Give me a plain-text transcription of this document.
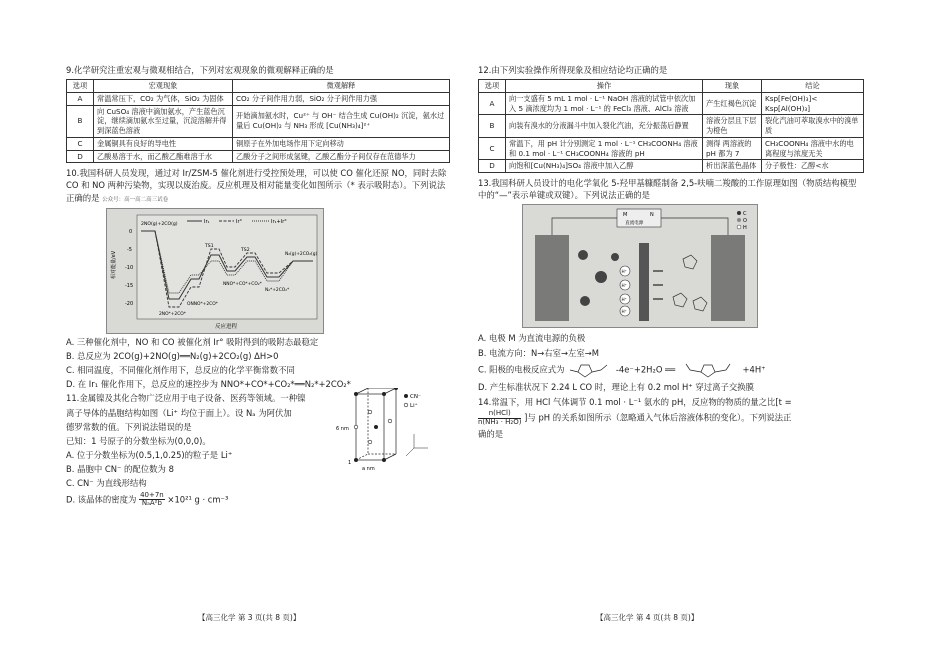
9.化学研究注重宏观与微观相结合，下列对宏观现象的微观解释正确的是

选项	宏观现象	微观解释
A	常温常压下，CO₂ 为气体，SiO₂ 为固体	CO₂ 分子间作用力弱，SiO₂ 分子间作用力强
B	向 CuSO₄ 溶液中滴加氨水，产生蓝色沉淀，继续滴加氨水至过量，沉淀溶解并得到深蓝色溶液	开始滴加氨水时，Cu²⁺ 与 OH⁻ 结合生成 Cu(OH)₂ 沉淀，氨水过量后 Cu(OH)₂ 与 NH₃ 形成 [Cu(NH₃)₄]²⁺
C	金属铜具有良好的导电性	铜原子在外加电场作用下定向移动
D	乙酸易溶于水，而乙酸乙酯难溶于水	乙酸分子之间形成氢键，乙酸乙酯分子间仅存在范德华力

10.我国科研人员发现，通过对 Ir/ZSM-5 催化剂进行受控预处理，可以使 CO 催化还原 NO，同时去除 CO 和 NO 两种污染物，实现以废治废。反应机理及相对能量变化如图所示（* 表示吸附态）。下列说法正确的是 公众号：高一高二高三试卷

Ir₁	Ir°	Ir₁+Ir°
相对能量/eV
0
-5
-10
-15
-20
反应进程
2NO(g)+2CO(g)
TS1
TS2
ONNO*+2CO*
2NO*+2CO*
NNO*+CO*+CO₂*
N₂*+2CO₂*
N₂(g)+2CO₂(g)

A. 三种催化剂中，NO 和 CO 被催化剂 Ir° 吸附得到的吸附态最稳定

B. 总反应为 2CO(g)+2NO(g)══N₂(g)+2CO₂(g) ΔH>0

C. 相同温度，不同催化剂作用下，总反应的化学平衡常数不同

D. 在 Ir₁ 催化作用下，总反应的速控步为 NNO*+CO*+CO₂*══N₂*+2CO₂*

11.金属镍及其化合物广泛应用于电子设备、医药等领域。一种镍

离子导体的晶胞结构如图（Li⁺ 均位于面上）。设 Nₐ 为阿伏加

德罗常数的值。下列说法错误的是

已知：1 号原子的分数坐标为(0,0,0)。

A. 位于分数坐标为(0.5,1,0.25)的粒子是 Li⁺

B. 晶胞中 CN⁻ 的配位数为 8

C. CN⁻ 为直线形结构

D. 该晶体的密度为 $\frac{40+7n}{\text{NₐA²b}} \times 10^{21}$ g · cm⁻³

CN⁻
Li⁺
6 nm
a nm
1
【高三化学 第 3 页(共 8 页)】

12.由下列实验操作所得现象及相应结论均正确的是

选项	操作	现象	结论
A	向一支盛有 5 mL 1 mol · L⁻¹ NaOH 溶液的试管中依次加入 5 滴浓度均为 1 mol · L⁻¹ 的 FeCl₃ 溶液、AlCl₃ 溶液	产生红褐色沉淀	Ksp[Fe(OH)₃]< Ksp[Al(OH)₃]
B	向装有溴水的分液漏斗中加入裂化汽油，充分振荡后静置	溶液分层且下层为橙色	裂化汽油可萃取溴水中的溴单质
C	常温下，用 pH 计分别测定 1 mol · L⁻¹ CH₃COONH₄ 溶液和 0.1 mol · L⁻¹ CH₃COONH₄ 溶液的 pH	测得 两溶液的 pH 都为 7	CH₃COONH₄ 溶液中水的电离程度与浓度无关
D	向饱和[Cu(NH₃)₄]SO₄ 溶液中加入乙醇	析出深蓝色晶体	分子极性：乙醇<水

13.我国科研人员设计的电化学氧化 5-羟甲基糠醛制备 2,5-呋喃二羧酸的工作原理如图（物质结构模型中的“—”表示单键或双键）。下列说法正确的是

M	N
直流电源
H⁺
H⁺
H⁺
H⁺
C
O
H

A. 电极 M 为直流电源的负极

B. 电流方向：N→右室→左室→M

C. 阳极的电极反应式为	-4e⁻+2H₂O ══	+4H⁺

D. 产生标准状况下 2.24 L CO 时，理论上有 0.2 mol H⁺ 穿过离子交换膜

14.常温下，用 HCl 气体调节 0.1 mol · L⁻¹ 氨水的 pH，反应物的物质的量之比[t =

$\frac{\text{n(HCl)}}{\text{n(NH₃ · H₂O)}}$ ]与 pH 的关系如图所示（忽略通入气体后溶液体积的变化）。下列说法正

确的是

【高三化学 第 4 页(共 8 页)】
